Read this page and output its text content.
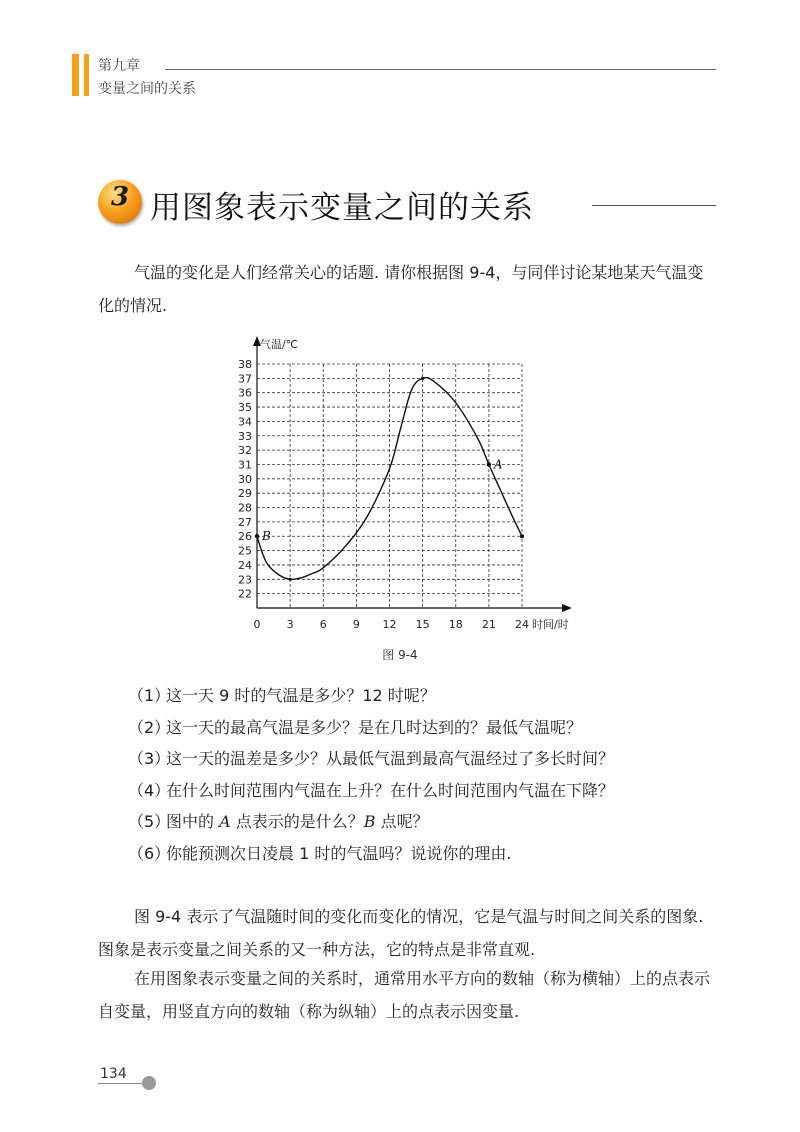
第九章
变量之间的关系
3 用图象表示变量之间的关系
气温的变化是人们经常关心的话题. 请你根据图 9-4，与同伴讨论某地某天气温变化的情况.
22
23
24
25
26
27
28
29
30
31
32
33
34
35
36
37
38
0 3 6 9 12 15 18 21 24
气温/℃
时间/时
A
B
图 9-4
（1）这一天 9 时的气温是多少？12 时呢？
（2）这一天的最高气温是多少？是在几时达到的？最低气温呢？
（3）这一天的温差是多少？从最低气温到最高气温经过了多长时间？
（4）在什么时间范围内气温在上升？在什么时间范围内气温在下降？
（5）图中的 A 点表示的是什么？B 点呢？
（6）你能预测次日凌晨 1 时的气温吗？说说你的理由.
图 9-4 表示了气温随时间的变化而变化的情况，它是气温与时间之间关系的图象. 图象是表示变量之间关系的又一种方法，它的特点是非常直观.
在用图象表示变量之间的关系时，通常用水平方向的数轴（称为横轴）上的点表示自变量，用竖直方向的数轴（称为纵轴）上的点表示因变量.
134
